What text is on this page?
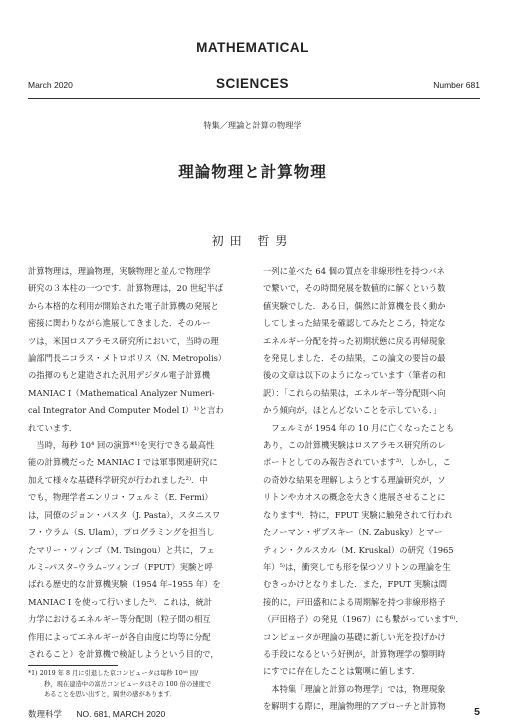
MATHEMATICAL
SCIENCES
March 2020	Number 681
特集／理論と計算の物理学
理論物理と計算物理
初田 哲男

計算物理は，理論物理，実験物理と並んで物理学

研究の３本柱の一つです．計算物理は，20 世紀半ば

から本格的な利用が開始された電子計算機の発展と

密接に関わりながら進展してきました．そのルー

ツは，米国ロスアラモス研究所において，当時の理

論部門長ニコラス・メトロポリス（N. Metropolis）

の指揮のもと建造された汎用デジタル電子計算機

MANIAC I（Mathematical Analyzer Numeri-

cal Integrator And Computer Model I）¹⁾と言わ

れています．

　当時，毎秒 10⁴ 回の演算*¹⁾を実行できる最高性

能の計算機だった MANIAC I では軍事関連研究に

加えて様々な基礎科学研究が行われました²⁾．中

でも，物理学者エンリコ・フェルミ（E. Fermi）

は，同僚のジョン・パスタ（J. Pasta），スタニスワ

フ・ウラム（S. Ulam），プログラミングを担当し

たマリー・ツィンゴ（M. Tsingou）と共に，フェ

ルミ–パスタ–ウラム–ツィンゴ（FPUT）実験と呼

ばれる歴史的な計算機実験（1954 年–1955 年）を

MANIAC I を使って行いました³⁾．これは，統計

力学におけるエネルギー等分配則（粒子間の相互

作用によってエネルギーが各自由度に均等に分配

されること）を計算機で検証しようという目的で，

一列に並べた 64 個の質点を非線形性を持つバネ

で繋いで，その時間発展を数値的に解くという数

値実験でした．ある日，偶然に計算機を長く動か

してしまった結果を確認してみたところ，特定な

エネルギー分配を持った初期状態に戻る再帰現象

を発見しました．その結果，この論文の要旨の最

後の文章は以下のようになっています（筆者の和

訳）：「これらの結果は，エネルギー等分配則へ向

かう傾向が，ほとんどないことを示している．」

　フェルミが 1954 年の 10 月に亡くなったことも

あり，この計算機実験はロスアラモス研究所のレ

ポートとしてのみ報告されています³⁾．しかし，こ

の奇妙な結果を理解しようとする理論研究が，ソ

リトンやカオスの概念を大きく進展させることに

なります⁴⁾．特に，FPUT 実験に触発されて行われ

たノーマン・ザブスキー（N. Zabusky）とマー

ティン・クルスカル（M. Kruskal）の研究（1965

年）⁵⁾は，衝突しても形を保つソリトンの理論を生

むきっかけとなりました．また，FPUT 実験は間

接的に，戸田盛和による周期解を持つ非線形格子

（戸田格子）の発見（1967）にも繋がっています⁶⁾．

コンピュータが理論の基礎に新しい光を投げかけ

る手段になるという好例が，計算物理学の黎明時

にすでに存在したことは驚嘆に値します．

　本特集「理論と計算の物理学」では，物理現象

を解明する際に，理論物理的アプローチと計算物

*1) 2019 年 8 月に引退した京コンピュータは毎秒 10¹⁶ 回/
秒，現在建造中の富岳コンピュータはその 100 倍の速度で
あることを思い出すと，隔世の感があります．
数理科学 NO. 681, MARCH 2020	5
